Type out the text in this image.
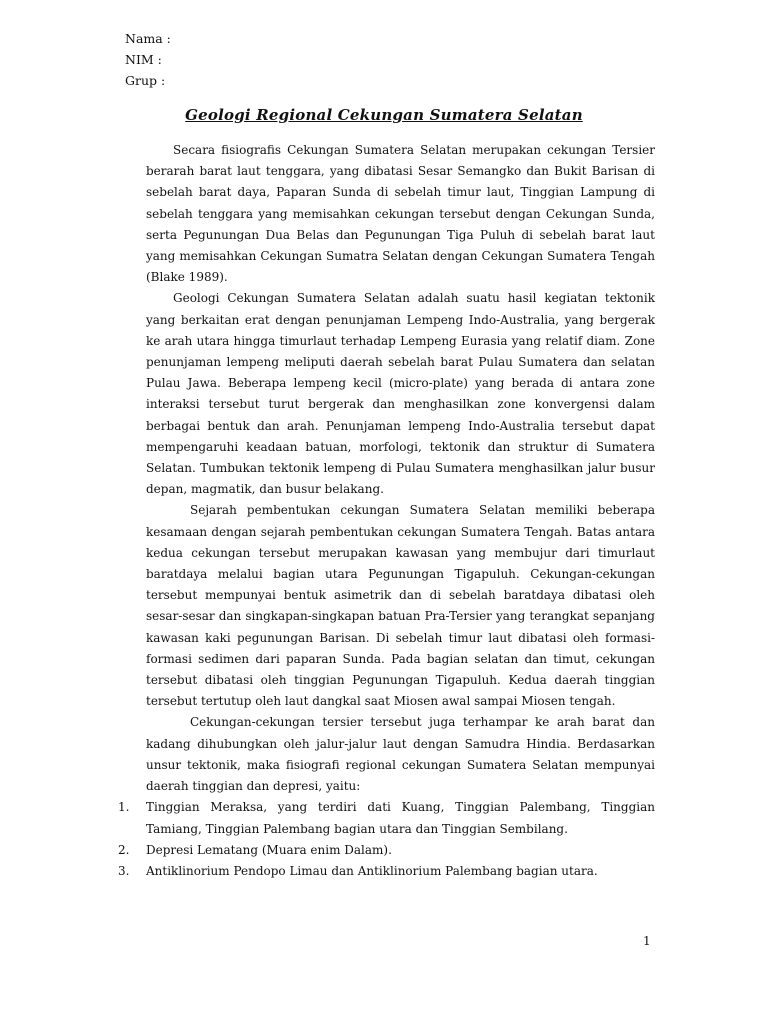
Nama :
NIM :
Grup :
Geologi Regional Cekungan Sumatera Selatan

Secara fisiografis Cekungan Sumatera Selatan merupakan cekungan Tersier berarah barat laut tenggara, yang dibatasi Sesar Semangko dan Bukit Barisan di sebelah barat daya, Paparan Sunda di sebelah timur laut, Tinggian Lampung di sebelah tenggara yang memisahkan cekungan tersebut dengan Cekungan Sunda, serta Pegunungan Dua Belas dan Pegunungan Tiga Puluh di sebelah barat laut yang memisahkan Cekungan Sumatra Selatan dengan Cekungan Sumatera Tengah (Blake 1989).

Geologi Cekungan Sumatera Selatan adalah suatu hasil kegiatan tektonik yang berkaitan erat dengan penunjaman Lempeng Indo-Australia, yang bergerak ke arah utara hingga timurlaut terhadap Lempeng Eurasia yang relatif diam. Zone penunjaman lempeng meliputi daerah sebelah barat Pulau Sumatera dan selatan Pulau Jawa. Beberapa lempeng kecil (micro-plate) yang berada di antara zone interaksi tersebut turut bergerak dan menghasilkan zone konvergensi dalam berbagai bentuk dan arah. Penunjaman lempeng Indo-Australia tersebut dapat mempengaruhi keadaan batuan, morfologi, tektonik dan struktur di Sumatera Selatan. Tumbukan tektonik lempeng di Pulau Sumatera menghasilkan jalur busur depan, magmatik, dan busur belakang.

Sejarah pembentukan cekungan Sumatera Selatan memiliki beberapa kesamaan dengan sejarah pembentukan cekungan Sumatera Tengah. Batas antara kedua cekungan tersebut merupakan kawasan yang membujur dari timurlaut baratdaya melalui bagian utara Pegunungan Tigapuluh. Cekungan-cekungan tersebut mempunyai bentuk asimetrik dan di sebelah baratdaya dibatasi oleh sesar-sesar dan singkapan-singkapan batuan Pra-Tersier yang terangkat sepanjang kawasan kaki pegunungan Barisan. Di sebelah timur laut dibatasi oleh formasi-formasi sedimen dari paparan Sunda. Pada bagian selatan dan timut, cekungan tersebut dibatasi oleh tinggian Pegunungan Tigapuluh. Kedua daerah tinggian tersebut tertutup oleh laut dangkal saat Miosen awal sampai Miosen tengah.

Cekungan-cekungan tersier tersebut juga terhampar ke arah barat dan kadang dihubungkan oleh jalur-jalur laut dengan Samudra Hindia. Berdasarkan unsur tektonik, maka fisiografi regional cekungan Sumatera Selatan mempunyai daerah tinggian dan depresi, yaitu:

1. Tinggian Meraksa, yang terdiri dati Kuang, Tinggian Palembang, Tinggian Tamiang, Tinggian Palembang bagian utara dan Tinggian Sembilang.
2. Depresi Lematang (Muara enim Dalam).
3. Antiklinorium Pendopo Limau dan Antiklinorium Palembang bagian utara.
1
